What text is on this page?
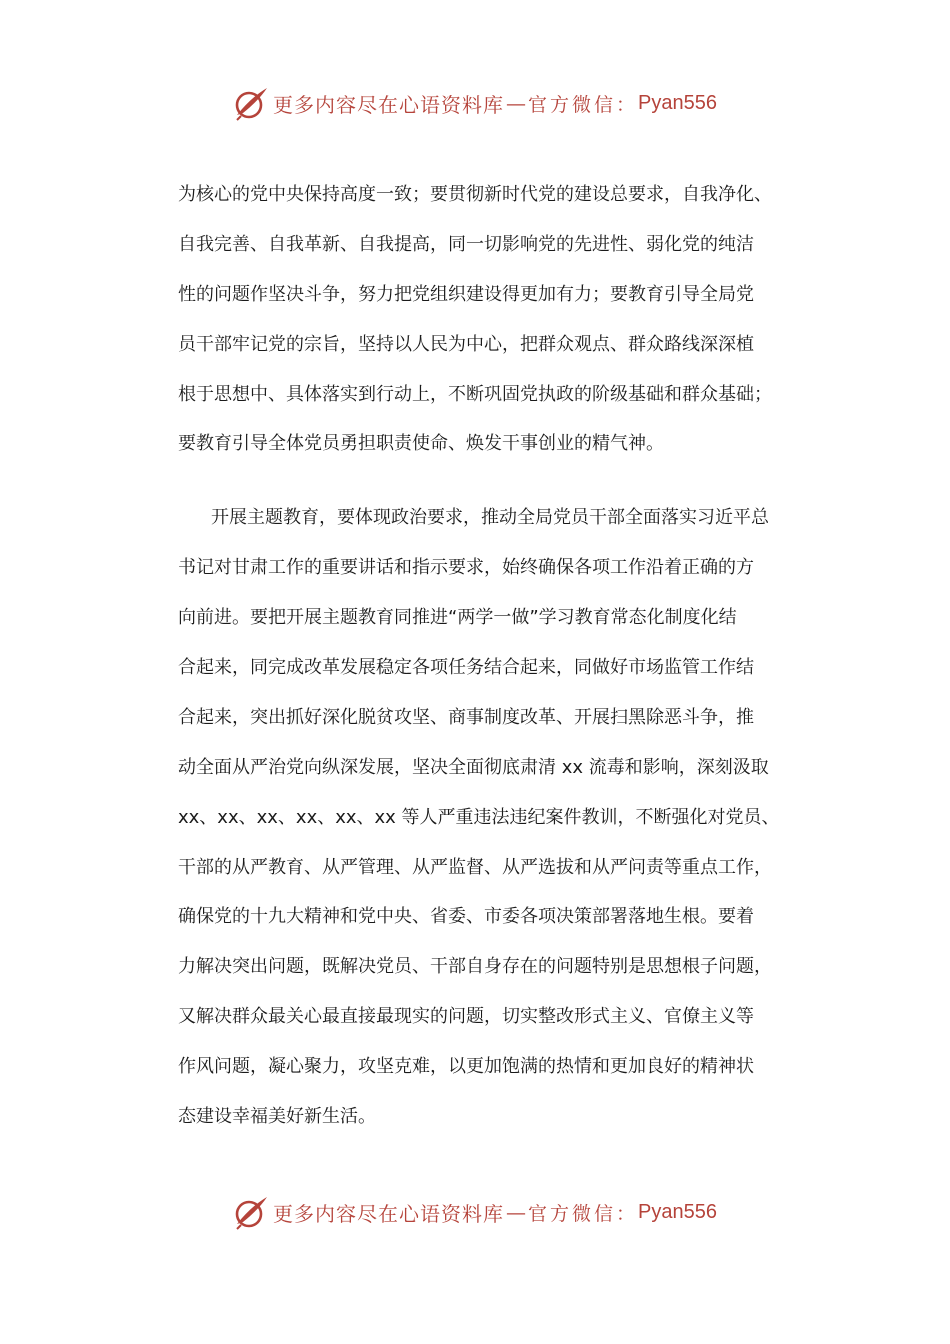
更多内容尽在心语资料库 — 官方微信： Pyan556

为核心的党中央保持高度一致；要贯彻新时代党的建设总要求，自我净化、
自我完善、自我革新、自我提高，同一切影响党的先进性、弱化党的纯洁
性的问题作坚决斗争，努力把党组织建设得更加有力；要教育引导全局党
员干部牢记党的宗旨，坚持以人民为中心，把群众观点、群众路线深深植
根于思想中、具体落实到行动上，不断巩固党执政的阶级基础和群众基础；
要教育引导全体党员勇担职责使命、焕发干事创业的精气神。

开展主题教育，要体现政治要求，推动全局党员干部全面落实习近平总
书记对甘肃工作的重要讲话和指示要求，始终确保各项工作沿着正确的方
向前进。要把开展主题教育同推进“两学一做”学习教育常态化制度化结
合起来，同完成改革发展稳定各项任务结合起来，同做好市场监管工作结
合起来，突出抓好深化脱贫攻坚、商事制度改革、开展扫黑除恶斗争，推
动全面从严治党向纵深发展，坚决全面彻底肃清 xx 流毒和影响，深刻汲取
xx、xx、xx、xx、xx、xx 等人严重违法违纪案件教训，不断强化对党员、
干部的从严教育、从严管理、从严监督、从严选拔和从严问责等重点工作，
确保党的十九大精神和党中央、省委、市委各项决策部署落地生根。要着
力解决突出问题，既解决党员、干部自身存在的问题特别是思想根子问题，
又解决群众最关心最直接最现实的问题，切实整改形式主义、官僚主义等
作风问题，凝心聚力，攻坚克难，以更加饱满的热情和更加良好的精神状
态建设幸福美好新生活。

更多内容尽在心语资料库 — 官方微信： Pyan556
